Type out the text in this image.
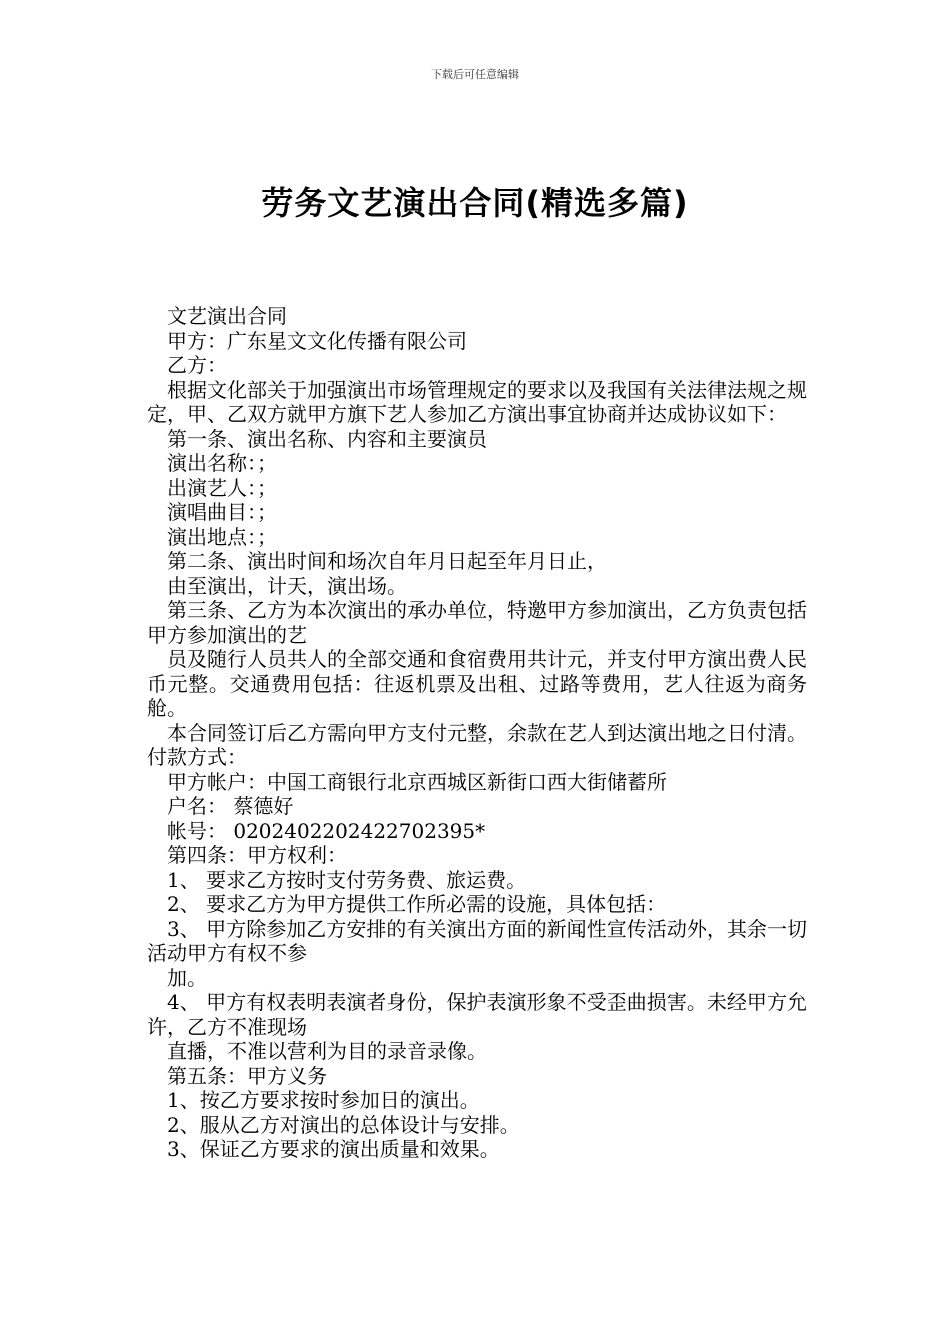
下载后可任意编辑
劳务文艺演出合同(精选多篇)

文艺演出合同

甲方：广东星文文化传播有限公司

乙方：

根据文化部关于加强演出市场管理规定的要求以及我国有关法律法规之规定，甲、乙双方就甲方旗下艺人参加乙方演出事宜协商并达成协议如下：

第一条、演出名称、内容和主要演员

演出名称：；

出演艺人：；

演唱曲目：；

演出地点：；

第二条、演出时间和场次自年月日起至年月日止，

由至演出，计天，演出场。

第三条、乙方为本次演出的承办单位，特邀甲方参加演出，乙方负责包括甲方参加演出的艺

员及随行人员共人的全部交通和食宿费用共计元，并支付甲方演出费人民币元整。交通费用包括：往返机票及出租、过路等费用，艺人往返为商务舱。

本合同签订后乙方需向甲方支付元整，余款在艺人到达演出地之日付清。付款方式：

甲方帐户：中国工商银行北京西城区新街口西大街储蓄所

户名： 蔡德好

帐号： 0202402202422702395*

第四条：甲方权利：

1、 要求乙方按时支付劳务费、旅运费。

2、 要求乙方为甲方提供工作所必需的设施，具体包括：

3、 甲方除参加乙方安排的有关演出方面的新闻性宣传活动外，其余一切活动甲方有权不参

加。

4、 甲方有权表明表演者身份，保护表演形象不受歪曲损害。未经甲方允许，乙方不准现场

直播，不准以营利为目的录音录像。

第五条：甲方义务

1、按乙方要求按时参加日的演出。

2、服从乙方对演出的总体设计与安排。

3、保证乙方要求的演出质量和效果。
